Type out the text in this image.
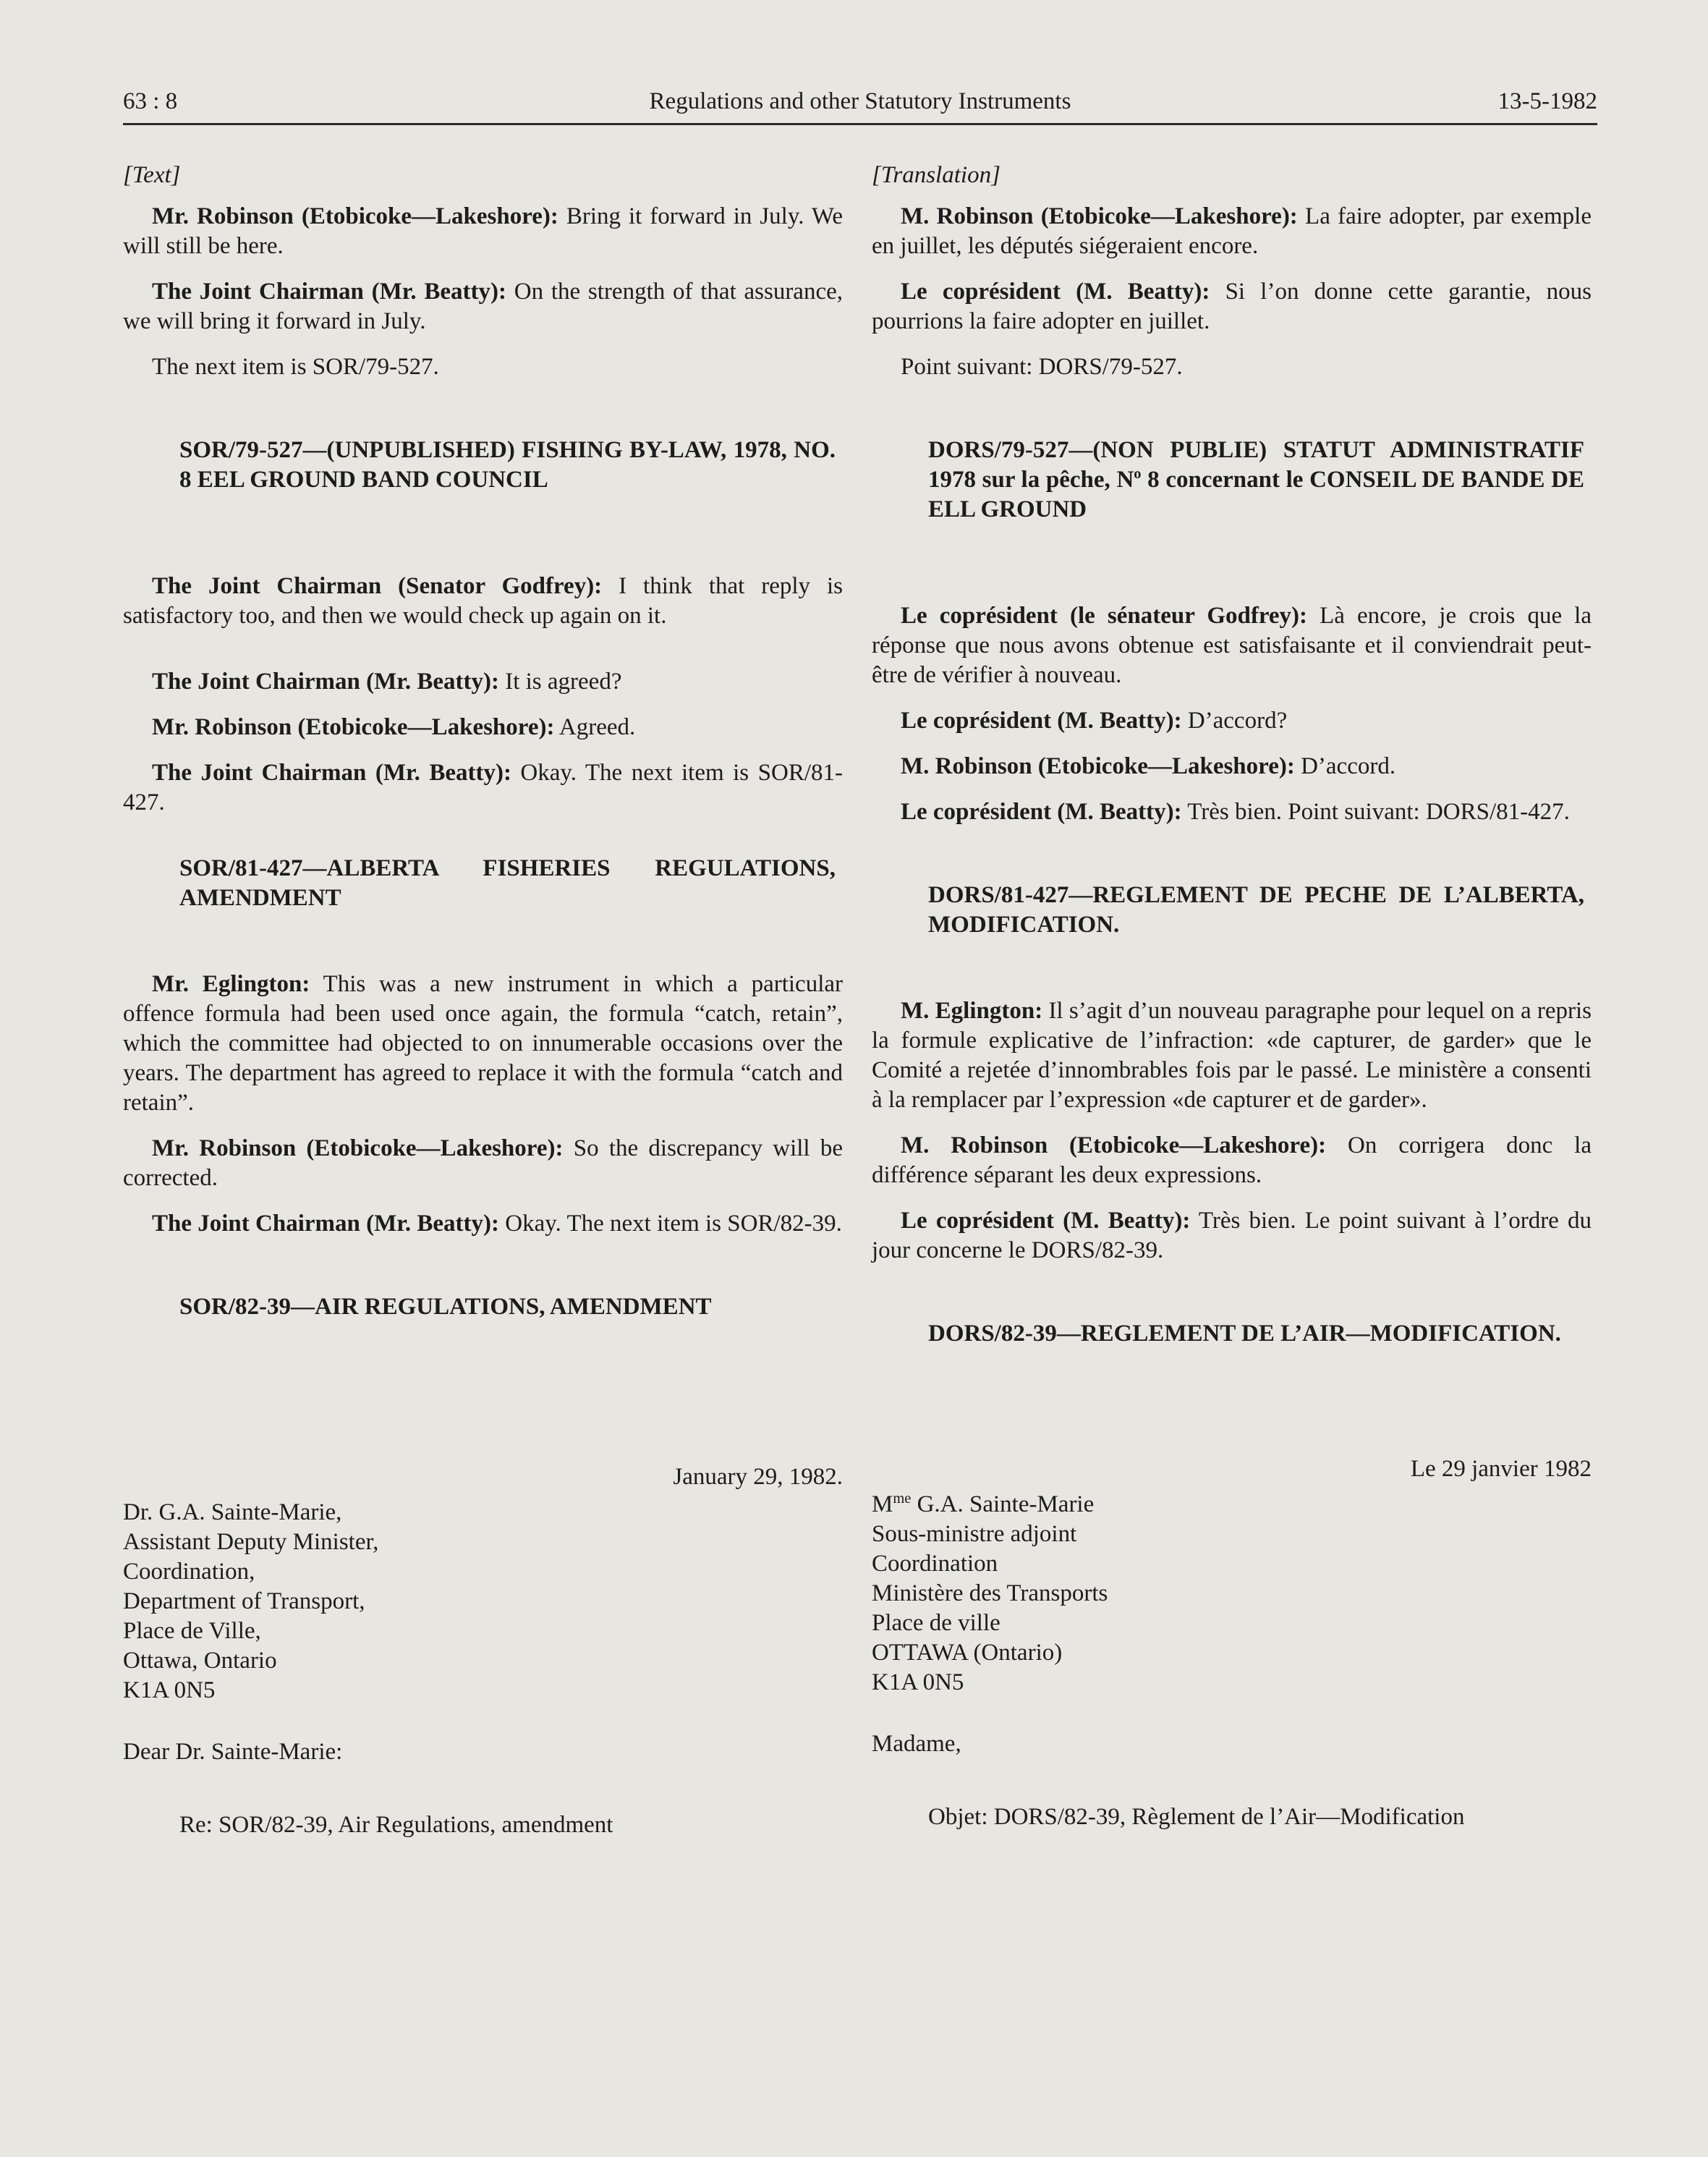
63 : 8	Regulations and other Statutory Instruments	13-5-1982

[Text]

Mr. Robinson (Etobicoke—Lakeshore): Bring it forward in July. We will still be here.

The Joint Chairman (Mr. Beatty): On the strength of that assurance, we will bring it forward in July.

The next item is SOR/79-527.

SOR/79-527—(UNPUBLISHED) FISHING BY-LAW, 1978, NO. 8 EEL GROUND BAND COUNCIL

The Joint Chairman (Senator Godfrey): I think that reply is satisfactory too, and then we would check up again on it.

The Joint Chairman (Mr. Beatty): It is agreed?

Mr. Robinson (Etobicoke—Lakeshore): Agreed.

The Joint Chairman (Mr. Beatty): Okay. The next item is SOR/81-427.

SOR/81-427—ALBERTA FISHERIES REGULATIONS, AMENDMENT

Mr. Eglington: This was a new instrument in which a particular offence formula had been used once again, the formula “catch, retain”, which the committee had objected to on innumerable occasions over the years. The department has agreed to replace it with the formula “catch and retain”.

Mr. Robinson (Etobicoke—Lakeshore): So the discrepancy will be corrected.

The Joint Chairman (Mr. Beatty): Okay. The next item is SOR/82-39.

SOR/82-39—AIR REGULATIONS, AMENDMENT

January 29, 1982.

Dr. G.A. Sainte-Marie,

Assistant Deputy Minister,

Coordination,

Department of Transport,

Place de Ville,

Ottawa, Ontario

K1A 0N5

Dear Dr. Sainte-Marie:

Re: SOR/82-39, Air Regulations, amendment

[Translation]

M. Robinson (Etobicoke—Lakeshore): La faire adopter, par exemple en juillet, les députés siégeraient encore.

Le coprésident (M. Beatty): Si l’on donne cette garantie, nous pourrions la faire adopter en juillet.

Point suivant: DORS/79-527.

DORS/79-527—(NON PUBLIE) STATUT ADMINISTRATIF 1978 sur la pêche, $N^o$ 8 concernant le CONSEIL DE BANDE DE ELL GROUND

Le coprésident (le sénateur Godfrey): Là encore, je crois que la réponse que nous avons obtenue est satisfaisante et il conviendrait peut-être de vérifier à nouveau.

Le coprésident (M. Beatty): D’accord?

M. Robinson (Etobicoke—Lakeshore): D’accord.

Le coprésident (M. Beatty): Très bien. Point suivant: DORS/81-427.

DORS/81-427—REGLEMENT DE PECHE DE L’ALBERTA, MODIFICATION.

M. Eglington: Il s’agit d’un nouveau paragraphe pour lequel on a repris la formule explicative de l’infraction: «de capturer, de garder» que le Comité a rejetée d’innombrables fois par le passé. Le ministère a consenti à la remplacer par l’expression «de capturer et de garder».

M. Robinson (Etobicoke—Lakeshore): On corrigera donc la différence séparant les deux expressions.

Le coprésident (M. Beatty): Très bien. Le point suivant à l’ordre du jour concerne le DORS/82-39.

DORS/82-39—REGLEMENT DE L’AIR—MODIFICATION.

Le 29 janvier 1982

$M^{me}$ G.A. Sainte-Marie

Sous-ministre adjoint

Coordination

Ministère des Transports

Place de ville

OTTAWA (Ontario)

K1A 0N5

Madame,

Objet: DORS/82-39, Règlement de l’Air—Modification
